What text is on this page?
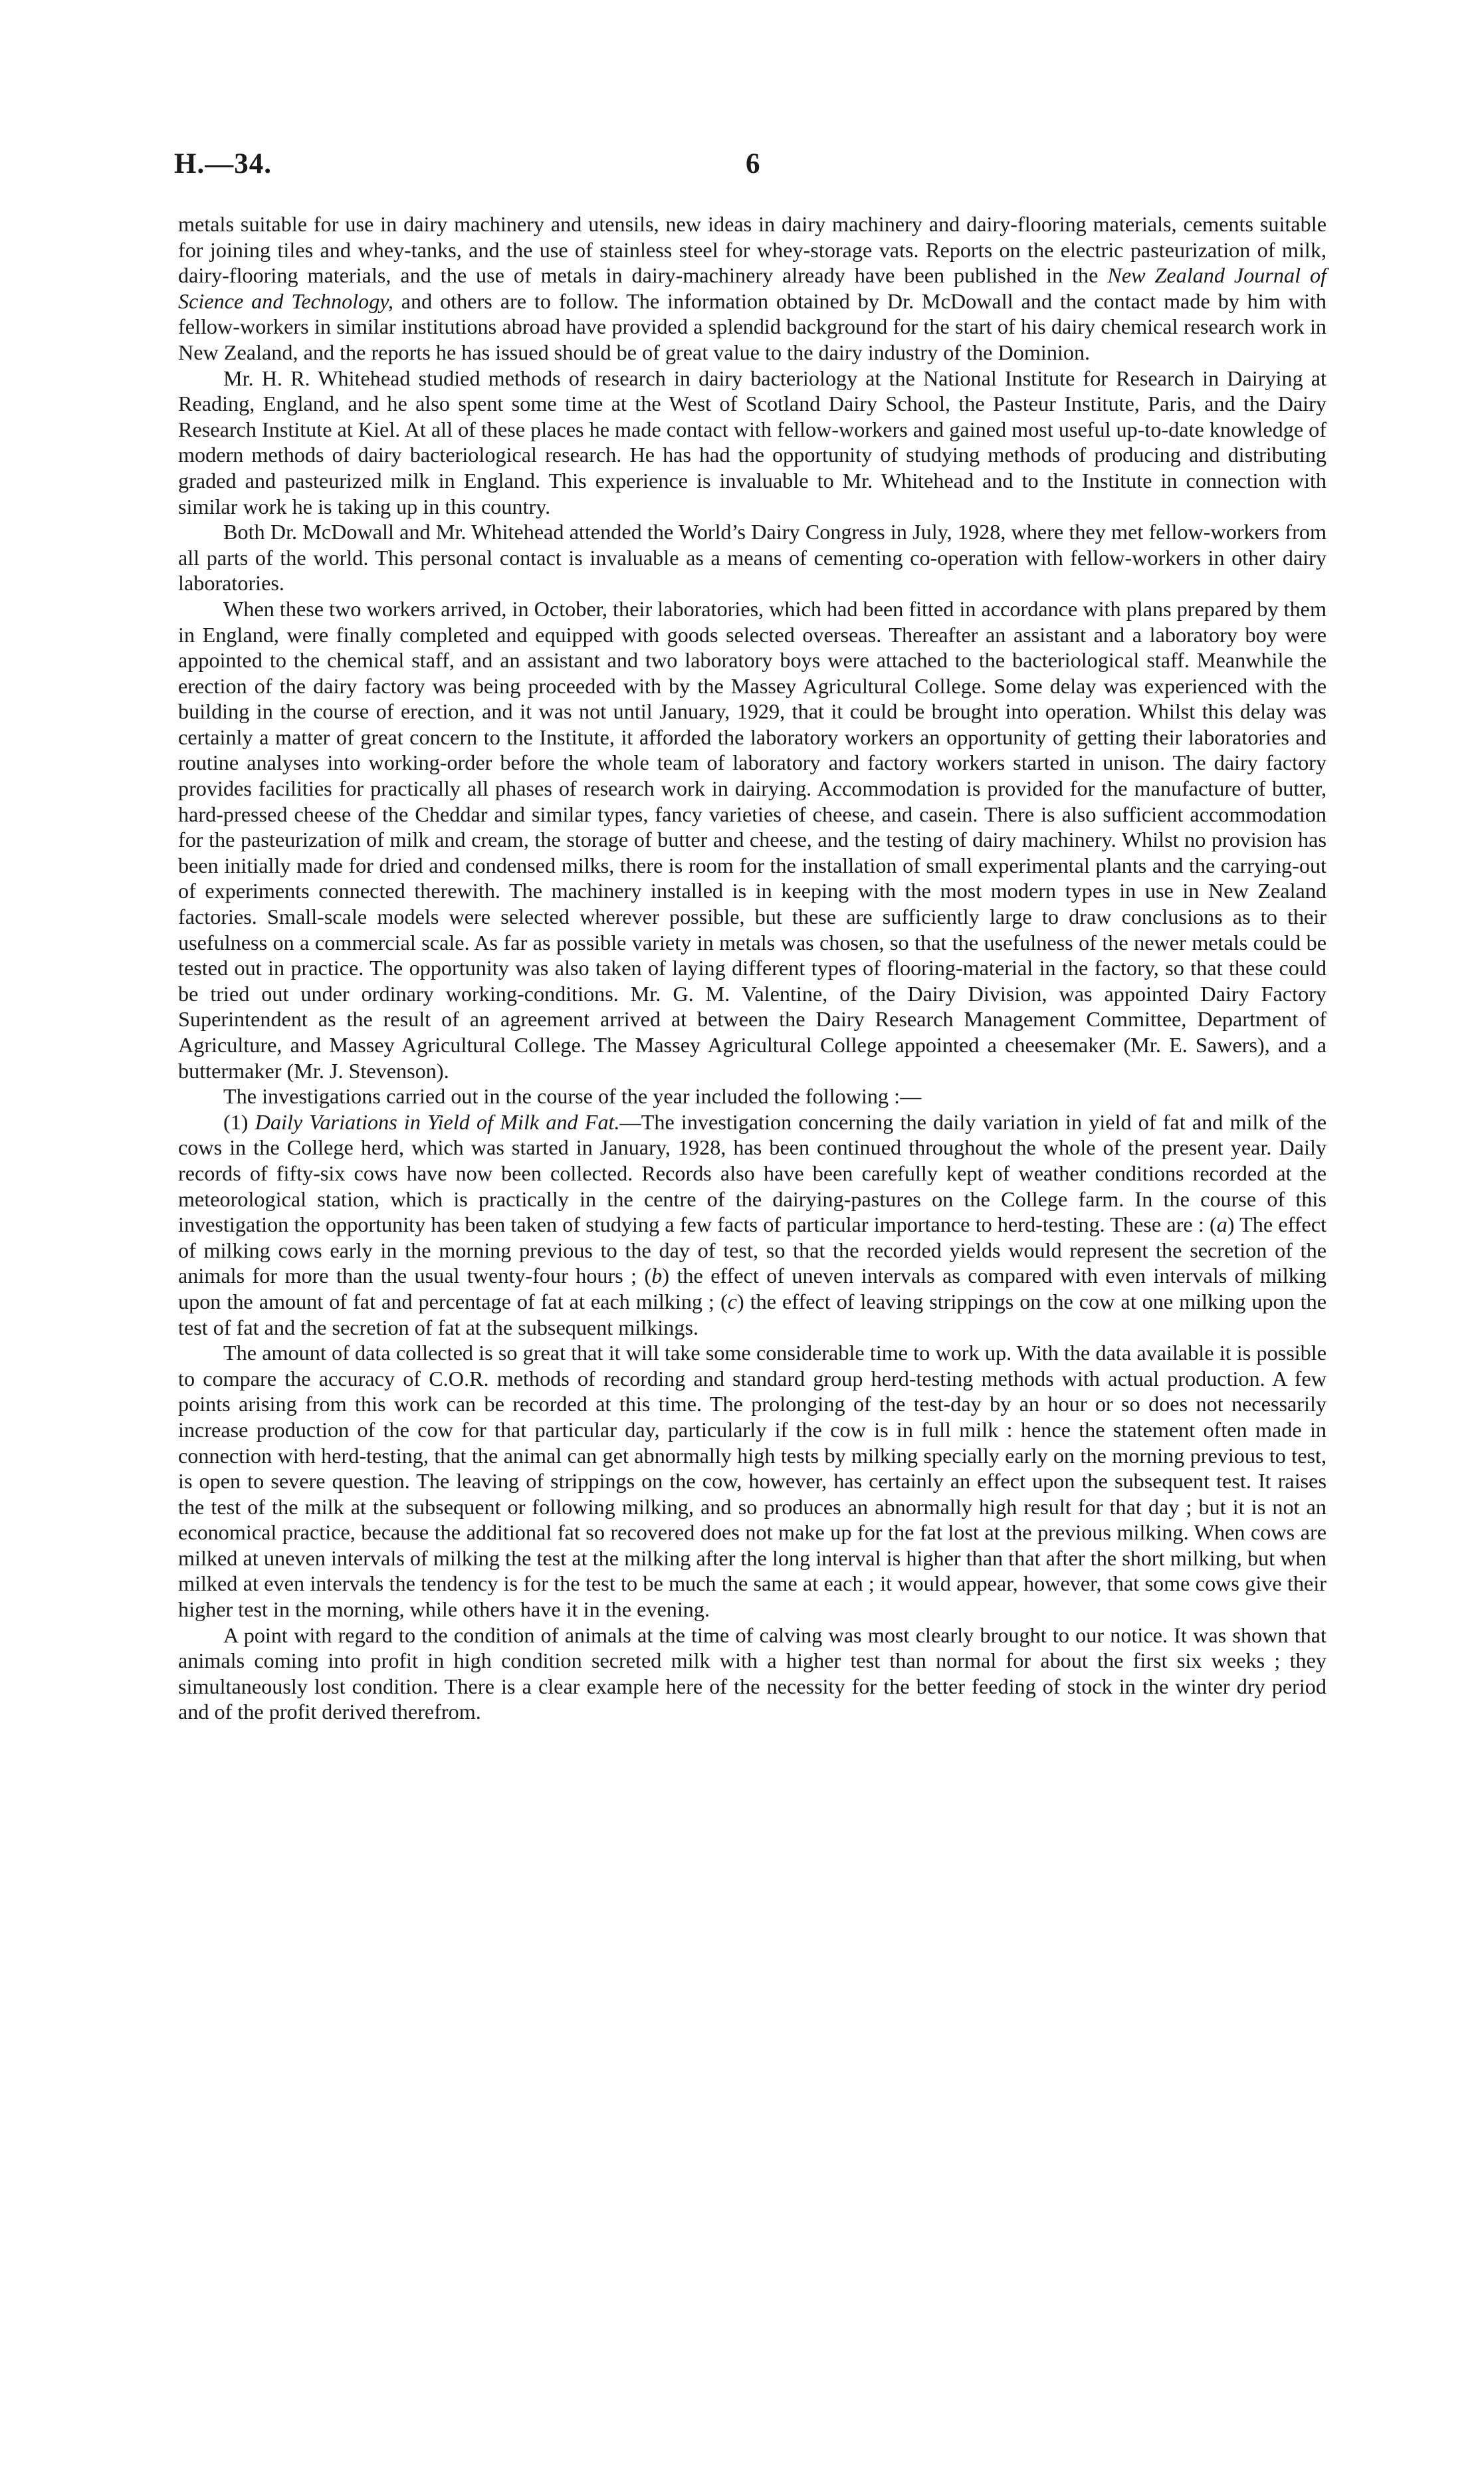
H.—34.	6

metals suitable for use in dairy machinery and utensils, new ideas in dairy machinery and dairy-flooring materials, cements suitable for joining tiles and whey-tanks, and the use of stainless steel for whey-storage vats. Reports on the electric pasteurization of milk, dairy-flooring materials, and the use of metals in dairy-machinery already have been published in the New Zealand Journal of Science and Technology, and others are to follow. The information obtained by Dr. McDowall and the contact made by him with fellow-workers in similar institutions abroad have provided a splendid background for the start of his dairy chemical research work in New Zealand, and the reports he has issued should be of great value to the dairy industry of the Dominion.

Mr. H. R. Whitehead studied methods of research in dairy bacteriology at the National Institute for Research in Dairying at Reading, England, and he also spent some time at the West of Scotland Dairy School, the Pasteur Institute, Paris, and the Dairy Research Institute at Kiel. At all of these places he made contact with fellow-workers and gained most useful up-to-date knowledge of modern methods of dairy bacteriological research. He has had the opportunity of studying methods of producing and distributing graded and pasteurized milk in England. This experience is invaluable to Mr. Whitehead and to the Institute in connection with similar work he is taking up in this country.

Both Dr. McDowall and Mr. Whitehead attended the World’s Dairy Congress in July, 1928, where they met fellow-workers from all parts of the world. This personal contact is invaluable as a means of cementing co-operation with fellow-workers in other dairy laboratories.

When these two workers arrived, in October, their laboratories, which had been fitted in accordance with plans prepared by them in England, were finally completed and equipped with goods selected overseas. Thereafter an assistant and a laboratory boy were appointed to the chemical staff, and an assistant and two laboratory boys were attached to the bacteriological staff. Meanwhile the erection of the dairy factory was being proceeded with by the Massey Agricultural College. Some delay was experienced with the building in the course of erection, and it was not until January, 1929, that it could be brought into operation. Whilst this delay was certainly a matter of great concern to the Institute, it afforded the laboratory workers an opportunity of getting their laboratories and routine analyses into working-order before the whole team of laboratory and factory workers started in unison. The dairy factory provides facilities for practically all phases of research work in dairying. Accommodation is provided for the manufacture of butter, hard-pressed cheese of the Cheddar and similar types, fancy varieties of cheese, and casein. There is also sufficient accommodation for the pasteurization of milk and cream, the storage of butter and cheese, and the testing of dairy machinery. Whilst no provision has been initially made for dried and condensed milks, there is room for the installation of small experimental plants and the carrying-out of experiments connected therewith. The machinery installed is in keeping with the most modern types in use in New Zealand factories. Small-scale models were selected wherever possible, but these are sufficiently large to draw conclusions as to their usefulness on a commercial scale. As far as possible variety in metals was chosen, so that the usefulness of the newer metals could be tested out in practice. The opportunity was also taken of laying different types of flooring-material in the factory, so that these could be tried out under ordinary working-conditions. Mr. G. M. Valentine, of the Dairy Division, was appointed Dairy Factory Superintendent as the result of an agreement arrived at between the Dairy Research Management Committee, Department of Agriculture, and Massey Agricultural College. The Massey Agricultural College appointed a cheesemaker (Mr. E. Sawers), and a buttermaker (Mr. J. Stevenson).

The investigations carried out in the course of the year included the following :—

(1) Daily Variations in Yield of Milk and Fat.—The investigation concerning the daily variation in yield of fat and milk of the cows in the College herd, which was started in January, 1928, has been continued throughout the whole of the present year. Daily records of fifty-six cows have now been collected. Records also have been carefully kept of weather conditions recorded at the meteorological station, which is practically in the centre of the dairying-pastures on the College farm. In the course of this investigation the opportunity has been taken of studying a few facts of particular importance to herd-testing. These are : (a) The effect of milking cows early in the morning previous to the day of test, so that the recorded yields would represent the secretion of the animals for more than the usual twenty-four hours ; (b) the effect of uneven intervals as compared with even intervals of milking upon the amount of fat and percentage of fat at each milking ; (c) the effect of leaving strippings on the cow at one milking upon the test of fat and the secretion of fat at the subsequent milkings.

The amount of data collected is so great that it will take some considerable time to work up. With the data available it is possible to compare the accuracy of C.O.R. methods of recording and standard group herd-testing methods with actual production. A few points arising from this work can be recorded at this time. The prolonging of the test-day by an hour or so does not necessarily increase production of the cow for that particular day, particularly if the cow is in full milk : hence the statement often made in connection with herd-testing, that the animal can get abnormally high tests by milking specially early on the morning previous to test, is open to severe question. The leaving of strippings on the cow, however, has certainly an effect upon the subsequent test. It raises the test of the milk at the subsequent or following milking, and so produces an abnormally high result for that day ; but it is not an economical practice, because the additional fat so recovered does not make up for the fat lost at the previous milking. When cows are milked at uneven intervals of milking the test at the milking after the long interval is higher than that after the short milking, but when milked at even intervals the tendency is for the test to be much the same at each ; it would appear, however, that some cows give their higher test in the morning, while others have it in the evening.

A point with regard to the condition of animals at the time of calving was most clearly brought to our notice. It was shown that animals coming into profit in high condition secreted milk with a higher test than normal for about the first six weeks ; they simultaneously lost condition. There is a clear example here of the necessity for the better feeding of stock in the winter dry period and of the profit derived therefrom.
